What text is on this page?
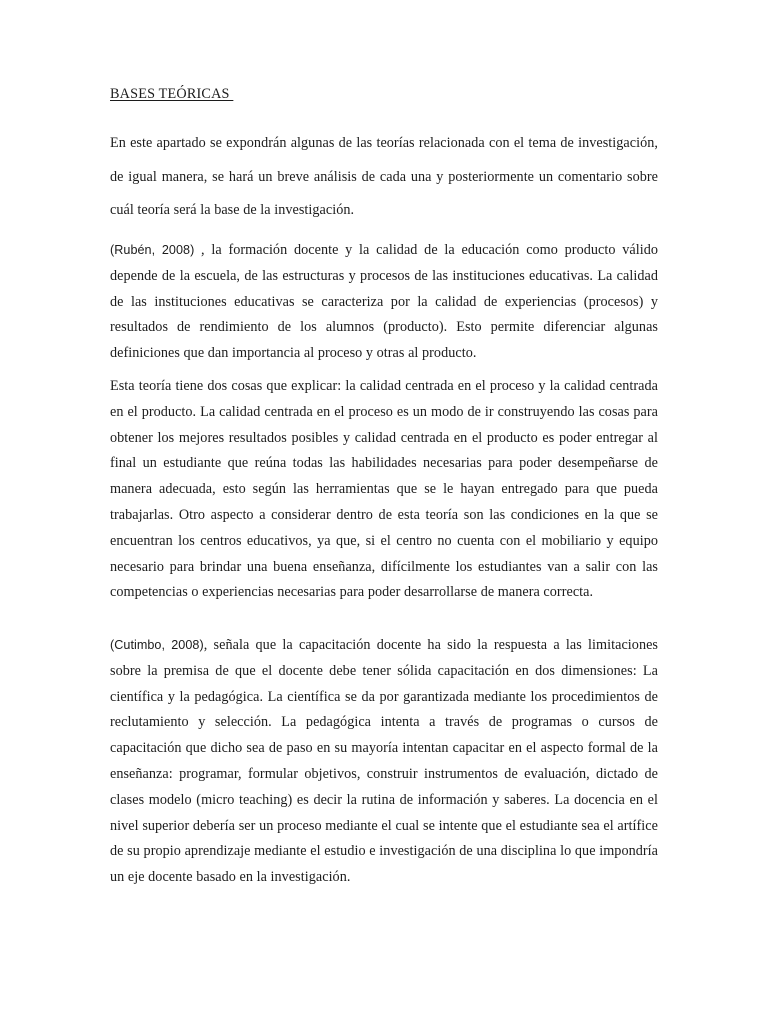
BASES TEÓRICAS

En este apartado se expondrán algunas de las teorías relacionada con el tema de investigación, de igual manera, se hará un breve análisis de cada una y posteriormente un comentario sobre cuál teoría será la base de la investigación.

(Rubén, 2008) , la formación docente y la calidad de la educación como producto válido depende de la escuela, de las estructuras y procesos de las instituciones educativas. La calidad de las instituciones educativas se caracteriza por la calidad de experiencias (procesos) y resultados de rendimiento de los alumnos (producto). Esto permite diferenciar algunas definiciones que dan importancia al proceso y otras al producto.

Esta teoría tiene dos cosas que explicar: la calidad centrada en el proceso y la calidad centrada en el producto. La calidad centrada en el proceso es un modo de ir construyendo las cosas para obtener los mejores resultados posibles y calidad centrada en el producto es poder entregar al final un estudiante que reúna todas las habilidades necesarias para poder desempeñarse de manera adecuada, esto según las herramientas que se le hayan entregado para que pueda trabajarlas. Otro aspecto a considerar dentro de esta teoría son las condiciones en la que se encuentran los centros educativos, ya que, si el centro no cuenta con el mobiliario y equipo necesario para brindar una buena enseñanza, difícilmente los estudiantes van a salir con las competencias o experiencias necesarias para poder desarrollarse de manera correcta.

(Cutimbo, 2008), señala que la capacitación docente ha sido la respuesta a las limitaciones sobre la premisa de que el docente debe tener sólida capacitación en dos dimensiones: La científica y la pedagógica. La científica se da por garantizada mediante los procedimientos de reclutamiento y selección. La pedagógica intenta a través de programas o cursos de capacitación que dicho sea de paso en su mayoría intentan capacitar en el aspecto formal de la enseñanza: programar, formular objetivos, construir instrumentos de evaluación, dictado de clases modelo (micro teaching) es decir la rutina de información y saberes. La docencia en el nivel superior debería ser un proceso mediante el cual se intente que el estudiante sea el artífice de su propio aprendizaje mediante el estudio e investigación de una disciplina lo que impondría un eje docente basado en la investigación.
